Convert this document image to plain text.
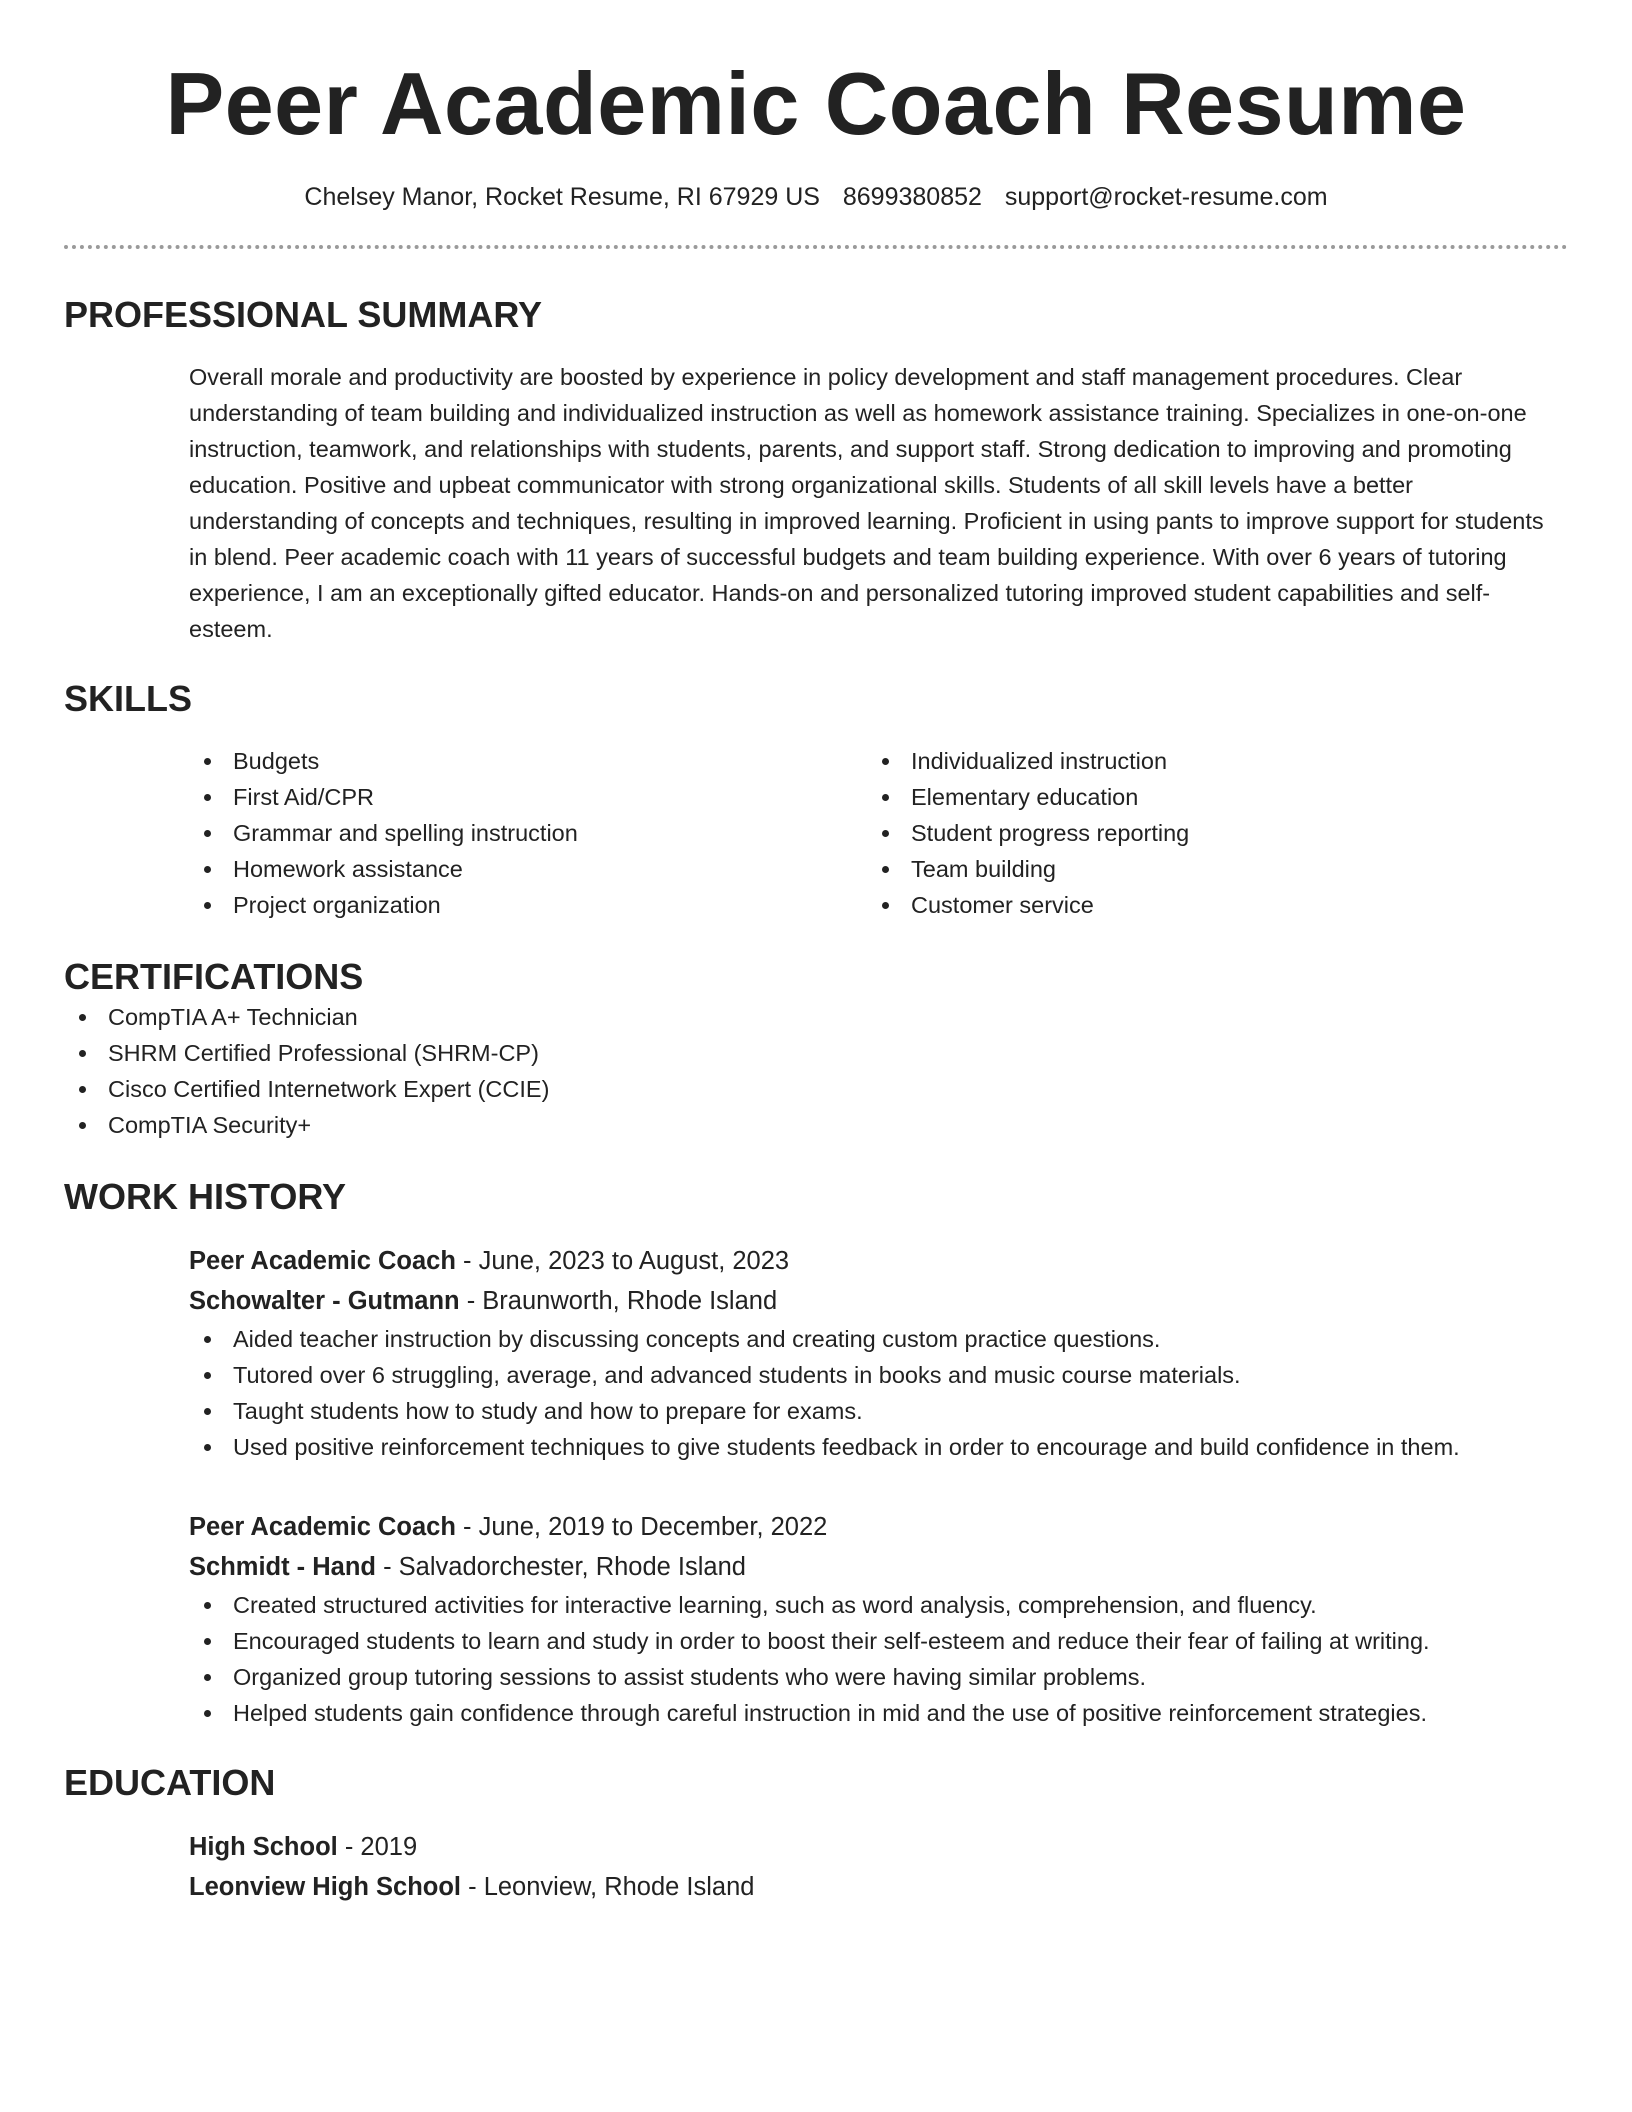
Peer Academic Coach Resume
Chelsey Manor, Rocket Resume, RI 67929 US 8699380852 support@rocket-resume.com
PROFESSIONAL SUMMARY

Overall morale and productivity are boosted by experience in policy development and staff management procedures. Clear understanding of team building and individualized instruction as well as homework assistance training. Specializes in one-on-one instruction, teamwork, and relationships with students, parents, and support staff. Strong dedication to improving and promoting education. Positive and upbeat communicator with strong organizational skills. Students of all skill levels have a better understanding of concepts and techniques, resulting in improved learning. Proficient in using pants to improve support for students in blend. Peer academic coach with 11 years of successful budgets and team building experience. With over 6 years of tutoring experience, I am an exceptionally gifted educator. Hands-on and personalized tutoring improved student capabilities and self-esteem.

SKILLS
Budgets
First Aid/CPR
Grammar and spelling instruction
Homework assistance
Project organization
Individualized instruction
Elementary education
Student progress reporting
Team building
Customer service
CERTIFICATIONS
CompTIA A+ Technician
SHRM Certified Professional (SHRM-CP)
Cisco Certified Internetwork Expert (CCIE)
CompTIA Security+
WORK HISTORY
Peer Academic Coach - June, 2023 to August, 2023
Schowalter - Gutmann - Braunworth, Rhode Island
Aided teacher instruction by discussing concepts and creating custom practice questions.
Tutored over 6 struggling, average, and advanced students in books and music course materials.
Taught students how to study and how to prepare for exams.
Used positive reinforcement techniques to give students feedback in order to encourage and build confidence in them.
Peer Academic Coach - June, 2019 to December, 2022
Schmidt - Hand - Salvadorchester, Rhode Island
Created structured activities for interactive learning, such as word analysis, comprehension, and fluency.
Encouraged students to learn and study in order to boost their self-esteem and reduce their fear of failing at writing.
Organized group tutoring sessions to assist students who were having similar problems.
Helped students gain confidence through careful instruction in mid and the use of positive reinforcement strategies.
EDUCATION
High School - 2019
Leonview High School - Leonview, Rhode Island
